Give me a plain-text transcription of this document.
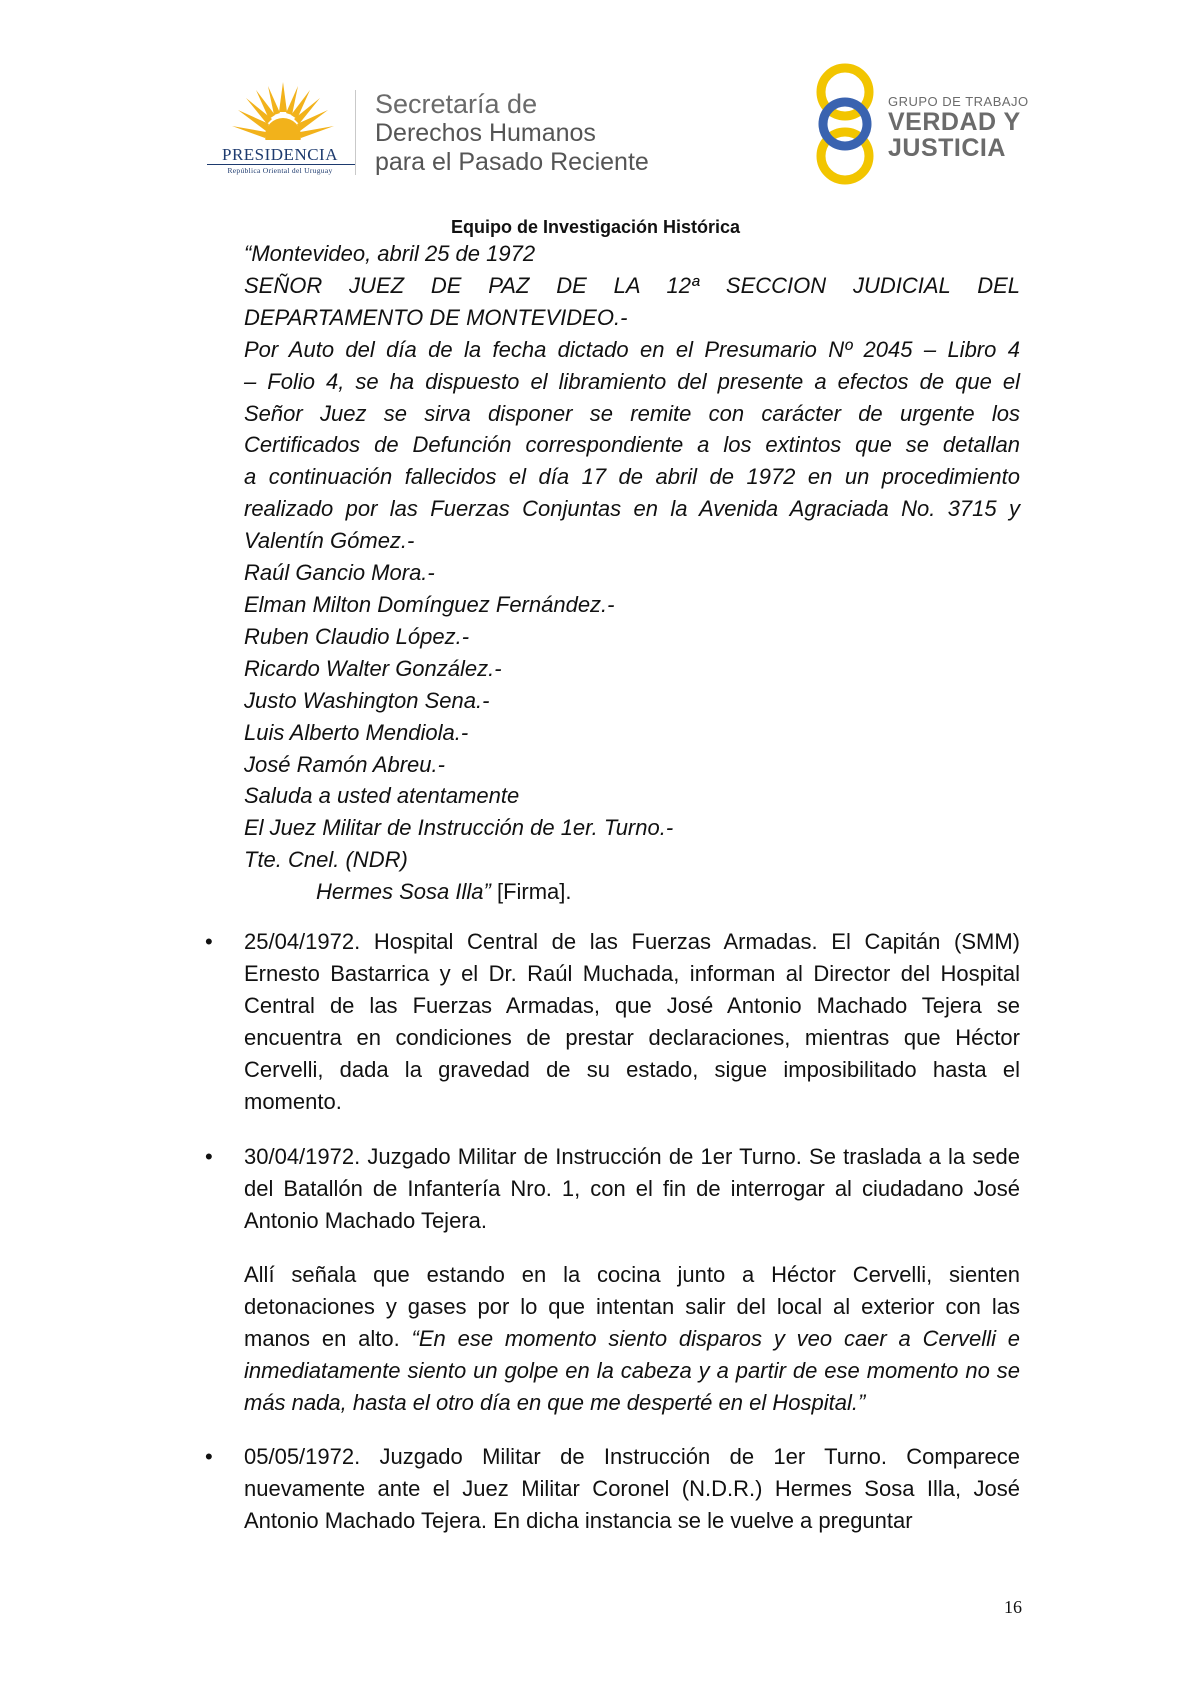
PRESIDENCIA
República Oriental del Uruguay
Secretaría de
Derechos Humanos
para el Pasado Reciente
GRUPO DE TRABAJO
VERDAD Y
JUSTICIA
Equipo de Investigación Histórica
“Montevideo, abril 25 de 1972
SEÑOR JUEZ DE PAZ DE LA 12ª SECCION JUDICIAL DEL
DEPARTAMENTO DE MONTEVIDEO.-
Por Auto del día de la fecha dictado en el Presumario Nº 2045 – Libro 4
– Folio 4, se ha dispuesto el libramiento del presente a efectos de que el
Señor Juez se sirva disponer se remite con carácter de urgente los
Certificados de Defunción correspondiente a los extintos que se detallan
a continuación fallecidos el día 17 de abril de 1972 en un procedimiento
realizado por las Fuerzas Conjuntas en la Avenida Agraciada No. 3715 y
Valentín Gómez.-
Raúl Gancio Mora.-
Elman Milton Domínguez Fernández.-
Ruben Claudio López.-
Ricardo Walter González.-
Justo Washington Sena.-
Luis Alberto Mendiola.-
José Ramón Abreu.-
Saluda a usted atentamente
El Juez Militar de Instrucción de 1er. Turno.-
Tte. Cnel. (NDR)
Hermes Sosa Illa” [Firma].
• 25/04/1972. Hospital Central de las Fuerzas Armadas. El Capitán (SMM) Ernesto Bastarrica y el Dr. Raúl Muchada, informan al Director del Hospital Central de las Fuerzas Armadas, que José Antonio Machado Tejera se encuentra en condiciones de prestar declaraciones, mientras que Héctor Cervelli, dada la gravedad de su estado, sigue imposibilitado hasta el momento.
• 30/04/1972. Juzgado Militar de Instrucción de 1er Turno. Se traslada a la sede del Batallón de Infantería Nro. 1, con el fin de interrogar al ciudadano José Antonio Machado Tejera.
Allí señala que estando en la cocina junto a Héctor Cervelli, sienten detonaciones y gases por lo que intentan salir del local al exterior con las manos en alto. “En ese momento siento disparos y veo caer a Cervelli e inmediatamente siento un golpe en la cabeza y a partir de ese momento no se más nada, hasta el otro día en que me desperté en el Hospital.”
• 05/05/1972. Juzgado Militar de Instrucción de 1er Turno. Comparece nuevamente ante el Juez Militar Coronel (N.D.R.) Hermes Sosa Illa, José Antonio Machado Tejera. En dicha instancia se le vuelve a preguntar
16
